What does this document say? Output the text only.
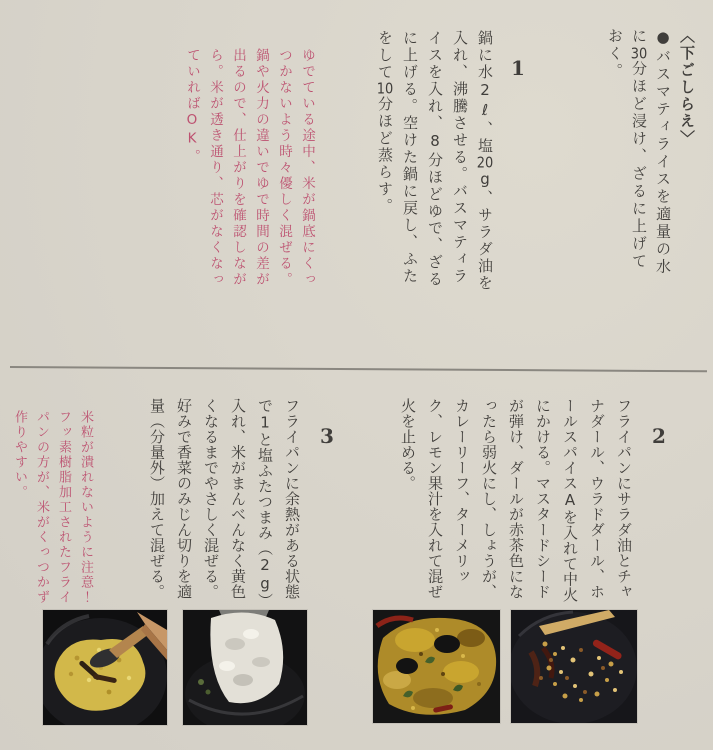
〈下ごしらえ〉

●バスマティライスを適量の水に30分ほど浸け、ざるに上げておく。

1

鍋に水2ℓ、塩20g、サラダ油を入れ、沸騰させる。バスマティライスを入れ、8分ほどゆで、ざるに上げる。空けた鍋に戻し、ふたをして10分ほど蒸らす。

ゆでている途中、米が鍋底にくっつかないよう時々優しく混ぜる。鍋や火力の違いでゆで時間の差が出るので、仕上がりを確認しながら。米が透き通り、芯がなくなっていればOK。

2

フライパンにサラダ油とチャナダール、ウラドダール、ホールスパイスAを入れて中火にかける。マスタードシードが弾け、ダールが赤茶色になったら弱火にし、しょうが、カレーリーフ、ターメリック、レモン果汁を入れて混ぜ火を止める。

3

フライパンに余熱がある状態で1と塩ふたつまみ（2g）入れ、米がまんべんなく黄色くなるまでやさしく混ぜる。好みで香菜のみじん切りを適量（分量外）加えて混ぜる。

米粒が潰れないように注意！フッ素樹脂加工されたフライパンの方が、米がくっつかず作りやすい。
